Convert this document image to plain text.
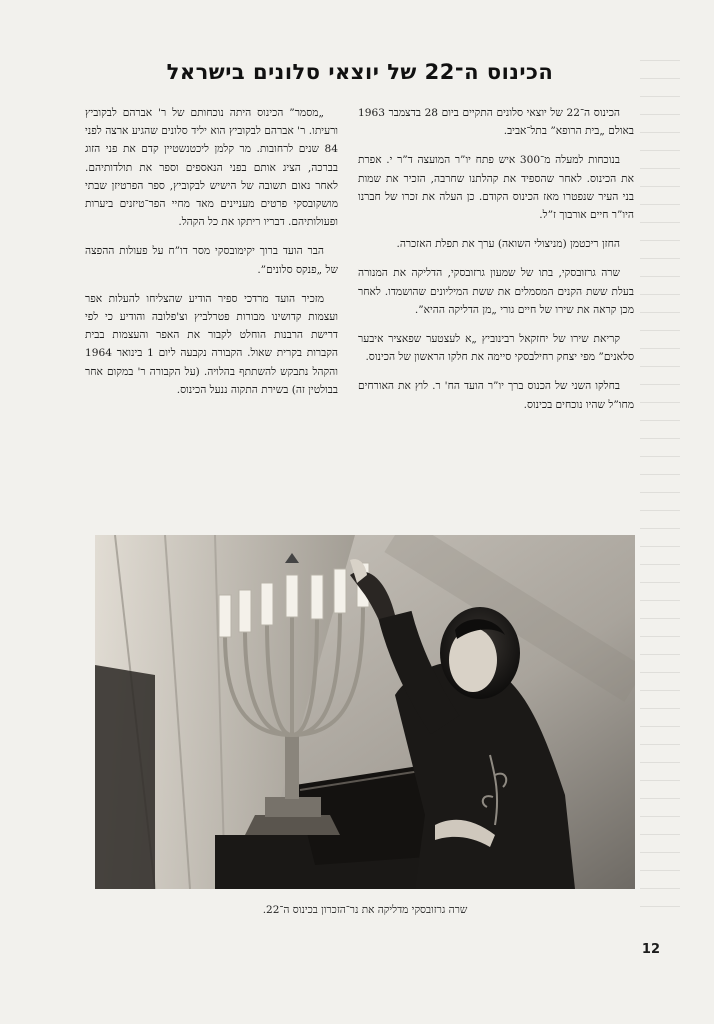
הכינוס ה־22 של יוצאי סלונים בישראל

הכינוס ה־22 של יוצאי סלונים התקיים ביום 28 בדצמבר 1963 באולם „בית הרופא” בתל־אביב.

בנוכחות למעלה מ־300 איש פתח יו”ר המועצה ד”ר י. אפרת את הכינוס. לאחר שהספיד את קהלתנו שחרבה, הזכיר את שמות בני העיר שנפטרו מאז הכינוס הקודם. כן העלה את זכרו של חברנו היו”ר חיים אורבוך ז”ל.

החזן ריכטמן (מניצולי השואה) ערך את תפלת האזכרה.

שרה גרזובסקי, בתו של שמעון גרזובסקי, הדליקה את המנורה בעלת ששת הקנים המסמלים את ששת המיליונים שהושמדו. לאחר מכן קראה את שירו של חיים גורי „מן הדליקה ההיא”.

קריאת שירו של יחזקאל רבינוביץ „א לעצטער שפאציר איבער סלאנים” מפי יצחק רחילבסקי סיימה את חלקו הראשון של הכינוס.

בחלקו השני של הכנוס ברך יו”ר הועד הח' ר. לוץ את האורחים מחו”ל שהיו נוכחים בכינוס.

„מסמר” הכינוס היתה נוכחותם של ר' אברהם לבקוביץ ורעיתו. ר' אברהם לבקוביץ הוא יליד סלונים שהגיע ארצה לפני 84 שנים לרחובות. מר קלמן ליכטנשטיין קדם את פני הזוג בברכה, הציג אותם בפני הנאספים וספר את תולדותיהם. לאחר נאום תשובה של הישיש לבקוביץ, ספר הפרטיזן שבתי מושקובסקי פרטים מעניינים מאד מחיי הפר־טיזנים ביערות ופעולותיהם. דבריו ריתקו את כל הקהל.

הבר הועד ברוך יקימובסקי מסר דו”ח על פעולות ההפצה של „פנקס סלונים”.

מזכיר הועד מרדכי ספיר הודיע שהצליחו להעלות אפר ועצמות קדושינו מבורות פטרלביץ וצ'פלובה והודיע כי לפי דרישת הרבנות הוחלט לקבור את האפר והעצמות בבית הקברות בקרית שאול. הקבורה נקבעה ליום 1 בינואר 1964 והקהל נתבקש להשתתף בהלויה. (על הקבורה ר' במקום אחר בבולטין זה) בשירת התקוה ננעל הכינוס.

שרה גרזובסקי מדליקה את נר־הזכרון בכינוס ה־22.
12
